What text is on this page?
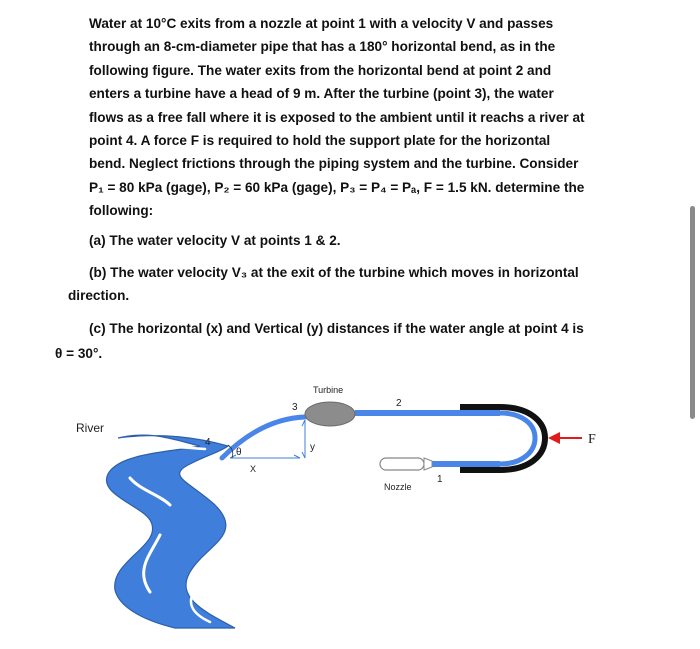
Water at 10°C exits from a nozzle at point 1 with a velocity V and passes
through an 8-cm-diameter pipe that has a 180° horizontal bend, as in the
following figure. The water exits from the horizontal bend at point 2 and
enters a turbine have a head of 9 m. After the turbine (point 3), the water
flows as a free fall where it is exposed to the ambient until it reachs a river at
point 4. A force F is required to hold the support plate for the horizontal
bend. Neglect frictions through the piping system and the turbine. Consider
P₁ = 80 kPa (gage), P₂ = 60 kPa (gage), P₃ = P₄ = Pₐ, F = 1.5 kN. determine the
following:
(a) The water velocity V at points 1 & 2.
(b) The water velocity V₃ at the exit of the turbine which moves in horizontal
direction.
(c) The horizontal (x) and Vertical (y) distances if the water angle at point 4 is
θ = 30°.
Turbine
River
Nozzle
F
1
2
3
4
θ
X
y
